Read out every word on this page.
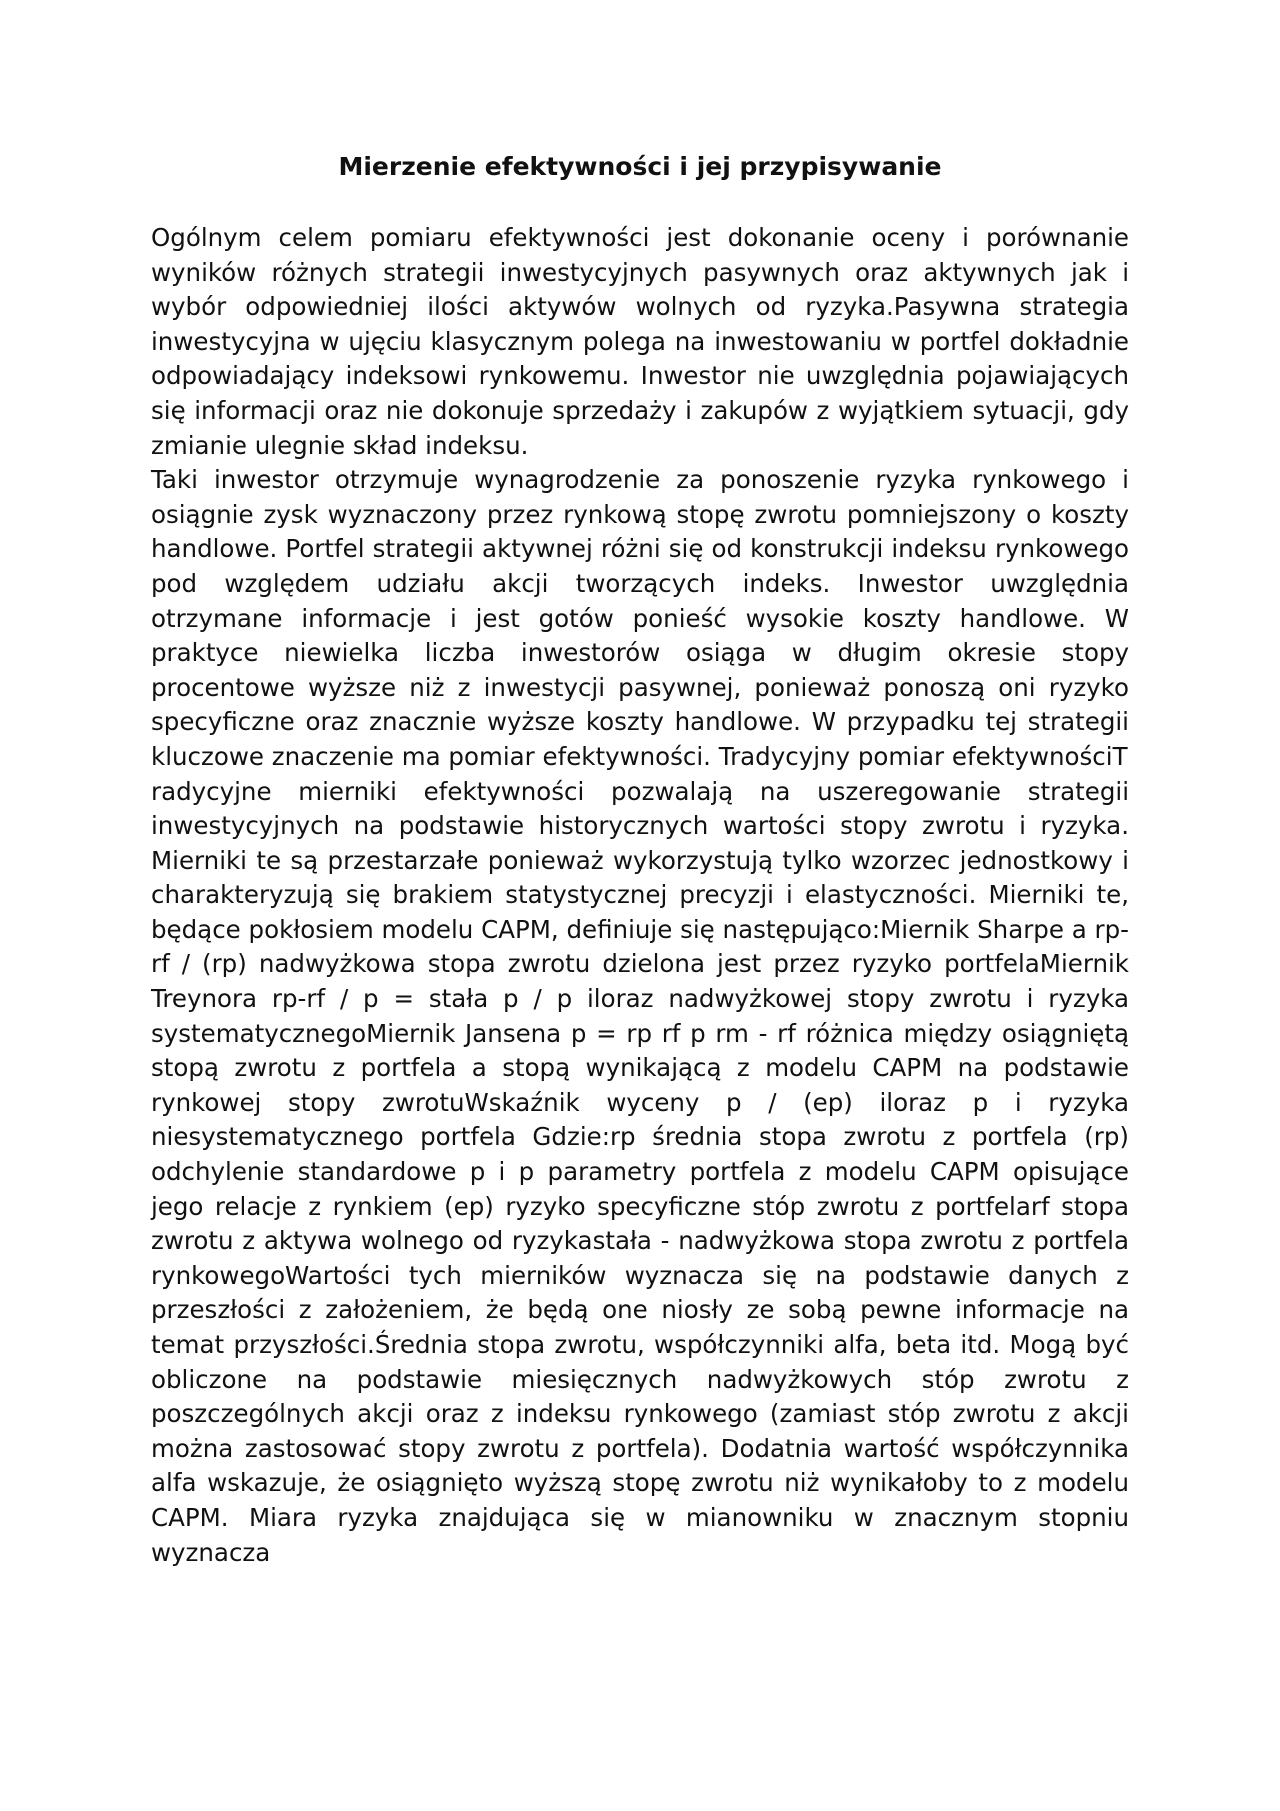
Mierzenie efektywności i jej przypisywanie

Ogólnym celem pomiaru efektywności jest dokonanie oceny i porównanie wyników różnych strategii inwestycyjnych pasywnych oraz aktywnych jak i wybór odpowiedniej ilości aktywów wolnych od ryzyka.Pasywna strategia inwestycyjna w ujęciu klasycznym polega na inwestowaniu w portfel dokładnie odpowiadający indeksowi rynkowemu. Inwestor nie uwzględnia pojawiających się informacji oraz nie dokonuje sprzedaży i zakupów z wyjątkiem sytuacji, gdy zmianie ulegnie skład indeksu.

Taki inwestor otrzymuje wynagrodzenie za ponoszenie ryzyka rynkowego i osiągnie zysk wyznaczony przez rynkową stopę zwrotu pomniejszony o koszty handlowe. Portfel strategii aktywnej różni się od konstrukcji indeksu rynkowego pod względem udziału akcji tworzących indeks. Inwestor uwzględnia otrzymane informacje i jest gotów ponieść wysokie koszty handlowe. W praktyce niewielka liczba inwestorów osiąga w długim okresie stopy procentowe wyższe niż z inwestycji pasywnej, ponieważ ponoszą oni ryzyko specyficzne oraz znacznie wyższe koszty handlowe. W przypadku tej strategii kluczowe znaczenie ma pomiar efektywności. Tradycyjny pomiar efektywnościT

radycyjne mierniki efektywności pozwalają na uszeregowanie strategii inwestycyjnych na podstawie historycznych wartości stopy zwrotu i ryzyka. Mierniki te są przestarzałe ponieważ wykorzystują tylko wzorzec jednostkowy i charakteryzują się brakiem statystycznej precyzji i elastyczności. Mierniki te, będące pokłosiem modelu CAPM, definiuje się następująco:Miernik Sharpe a rp-rf / (rp) nadwyżkowa stopa zwrotu dzielona jest przez ryzyko portfelaMiernik Treynora rp-rf / p = stała p / p iloraz nadwyżkowej stopy zwrotu i ryzyka systematycznegoMiernik Jansena p = rp rf p rm - rf różnica między osiągniętą stopą zwrotu z portfela a stopą wynikającą z modelu CAPM na podstawie rynkowej stopy zwrotuWskaźnik wyceny p / (ep) iloraz p i ryzyka niesystematycznego portfela Gdzie:rp średnia stopa zwrotu z portfela (rp) odchylenie standardowe p i p parametry portfela z modelu CAPM opisujące jego relacje z rynkiem (ep) ryzyko specyficzne stóp zwrotu z portfelarf stopa zwrotu z aktywa wolnego od ryzykastała - nadwyżkowa stopa zwrotu z portfela rynkowegoWartości tych mierników wyznacza się na podstawie danych z przeszłości z założeniem, że będą one niosły ze sobą pewne informacje na temat przyszłości.Średnia stopa zwrotu, współczynniki alfa, beta itd. Mogą być obliczone na podstawie miesięcznych nadwyżkowych stóp zwrotu z poszczególnych akcji oraz z indeksu rynkowego (zamiast stóp zwrotu z akcji można zastosować stopy zwrotu z portfela). Dodatnia wartość współczynnika alfa wskazuje, że osiągnięto wyższą stopę zwrotu niż wynikałoby to z modelu CAPM. Miara ryzyka znajdująca się w mianowniku w znacznym stopniu wyznacza
